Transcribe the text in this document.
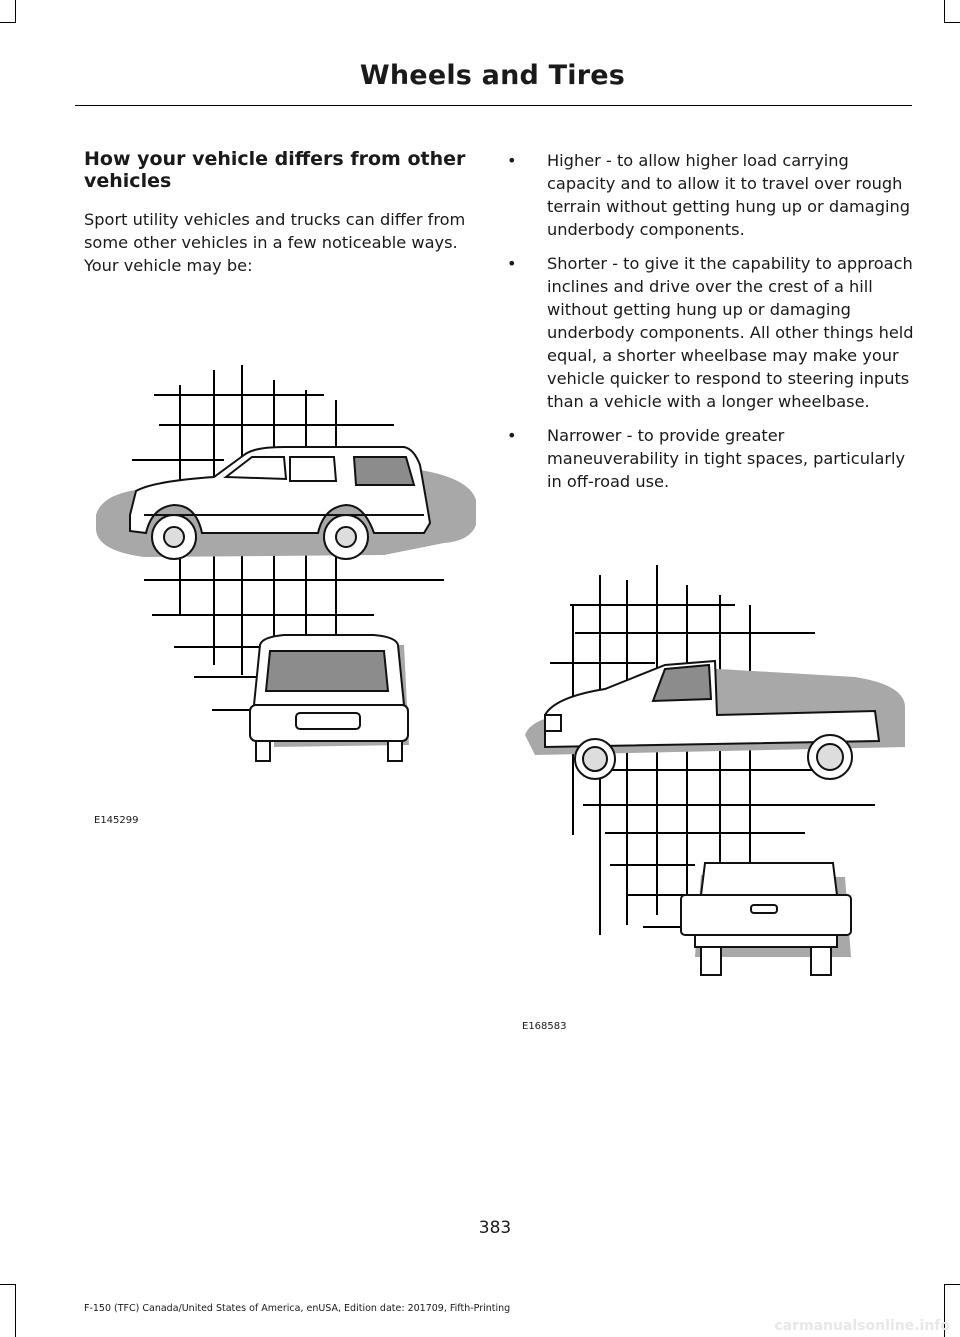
Wheels and Tires
How your vehicle differs from other vehicles
Sport utility vehicles and trucks can differ from some other vehicles in a few noticeable ways. Your vehicle may be:
• Higher - to allow higher load carrying capacity and to allow it to travel over rough terrain without getting hung up or damaging underbody components.
• Shorter - to give it the capability to approach inclines and drive over the crest of a hill without getting hung up or damaging underbody components. All other things held equal, a shorter wheelbase may make your vehicle quicker to respond to steering inputs than a vehicle with a longer wheelbase.
• Narrower - to provide greater maneuverability in tight spaces, particularly in off-road use.
E145299
E168583
383
F-150 (TFC) Canada/United States of America, enUSA, Edition date: 201709, Fifth-Printing
carmanualsonline.info
